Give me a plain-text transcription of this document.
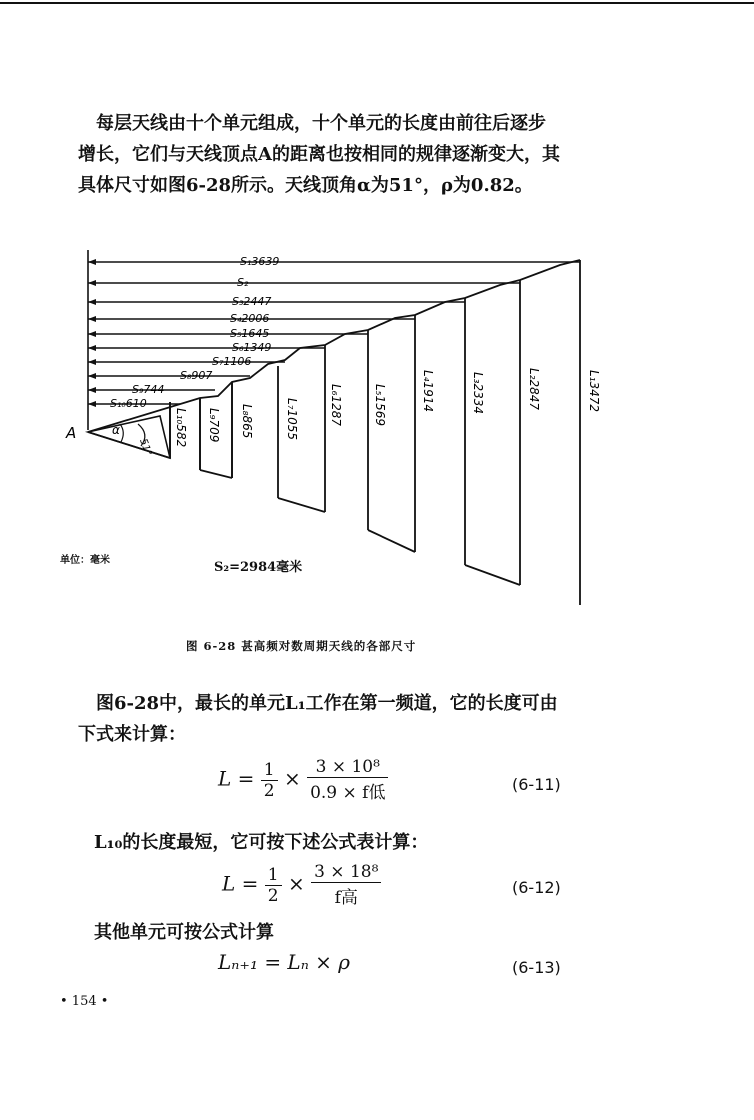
每层天线由十个单元组成，十个单元的长度由前往后逐步

增长，它们与天线顶点A的距离也按相同的规律逐渐变大，其

具体尺寸如图6-28所示。天线顶角α为51°，ρ为0.82。

A	α
51°
S₁3639
S₂
S₃2447
S₄2006
S₅1645
S₆1349
S₇1106
S₈907
S₉744
S₁₀610	L₁3472
L₂2847
L₃2334
L₄1914
L₅1569
L₆1287
L₇1055
L₈865
L₉709
L₁₀582
单位：毫米	S₂=2984毫米
图 6-28 甚高频对数周期天线的各部尺寸

图6-28中，最长的单元L₁工作在第一频道，它的长度可由

下式来计算：

$L = \frac{1}{2} \times \frac{\text{3 × 10⁸}}{\text{0.9 × f低}}$	(6-11)
L₁₀的长度最短，它可按下述公式表计算：
$L = \frac{1}{2} \times \frac{\text{3 × 18⁸}}{\text{f高}}$	(6-12)
其他单元可按公式计算
Lₙ₊₁ = Lₙ × ρ	(6-13)
• 154 •
